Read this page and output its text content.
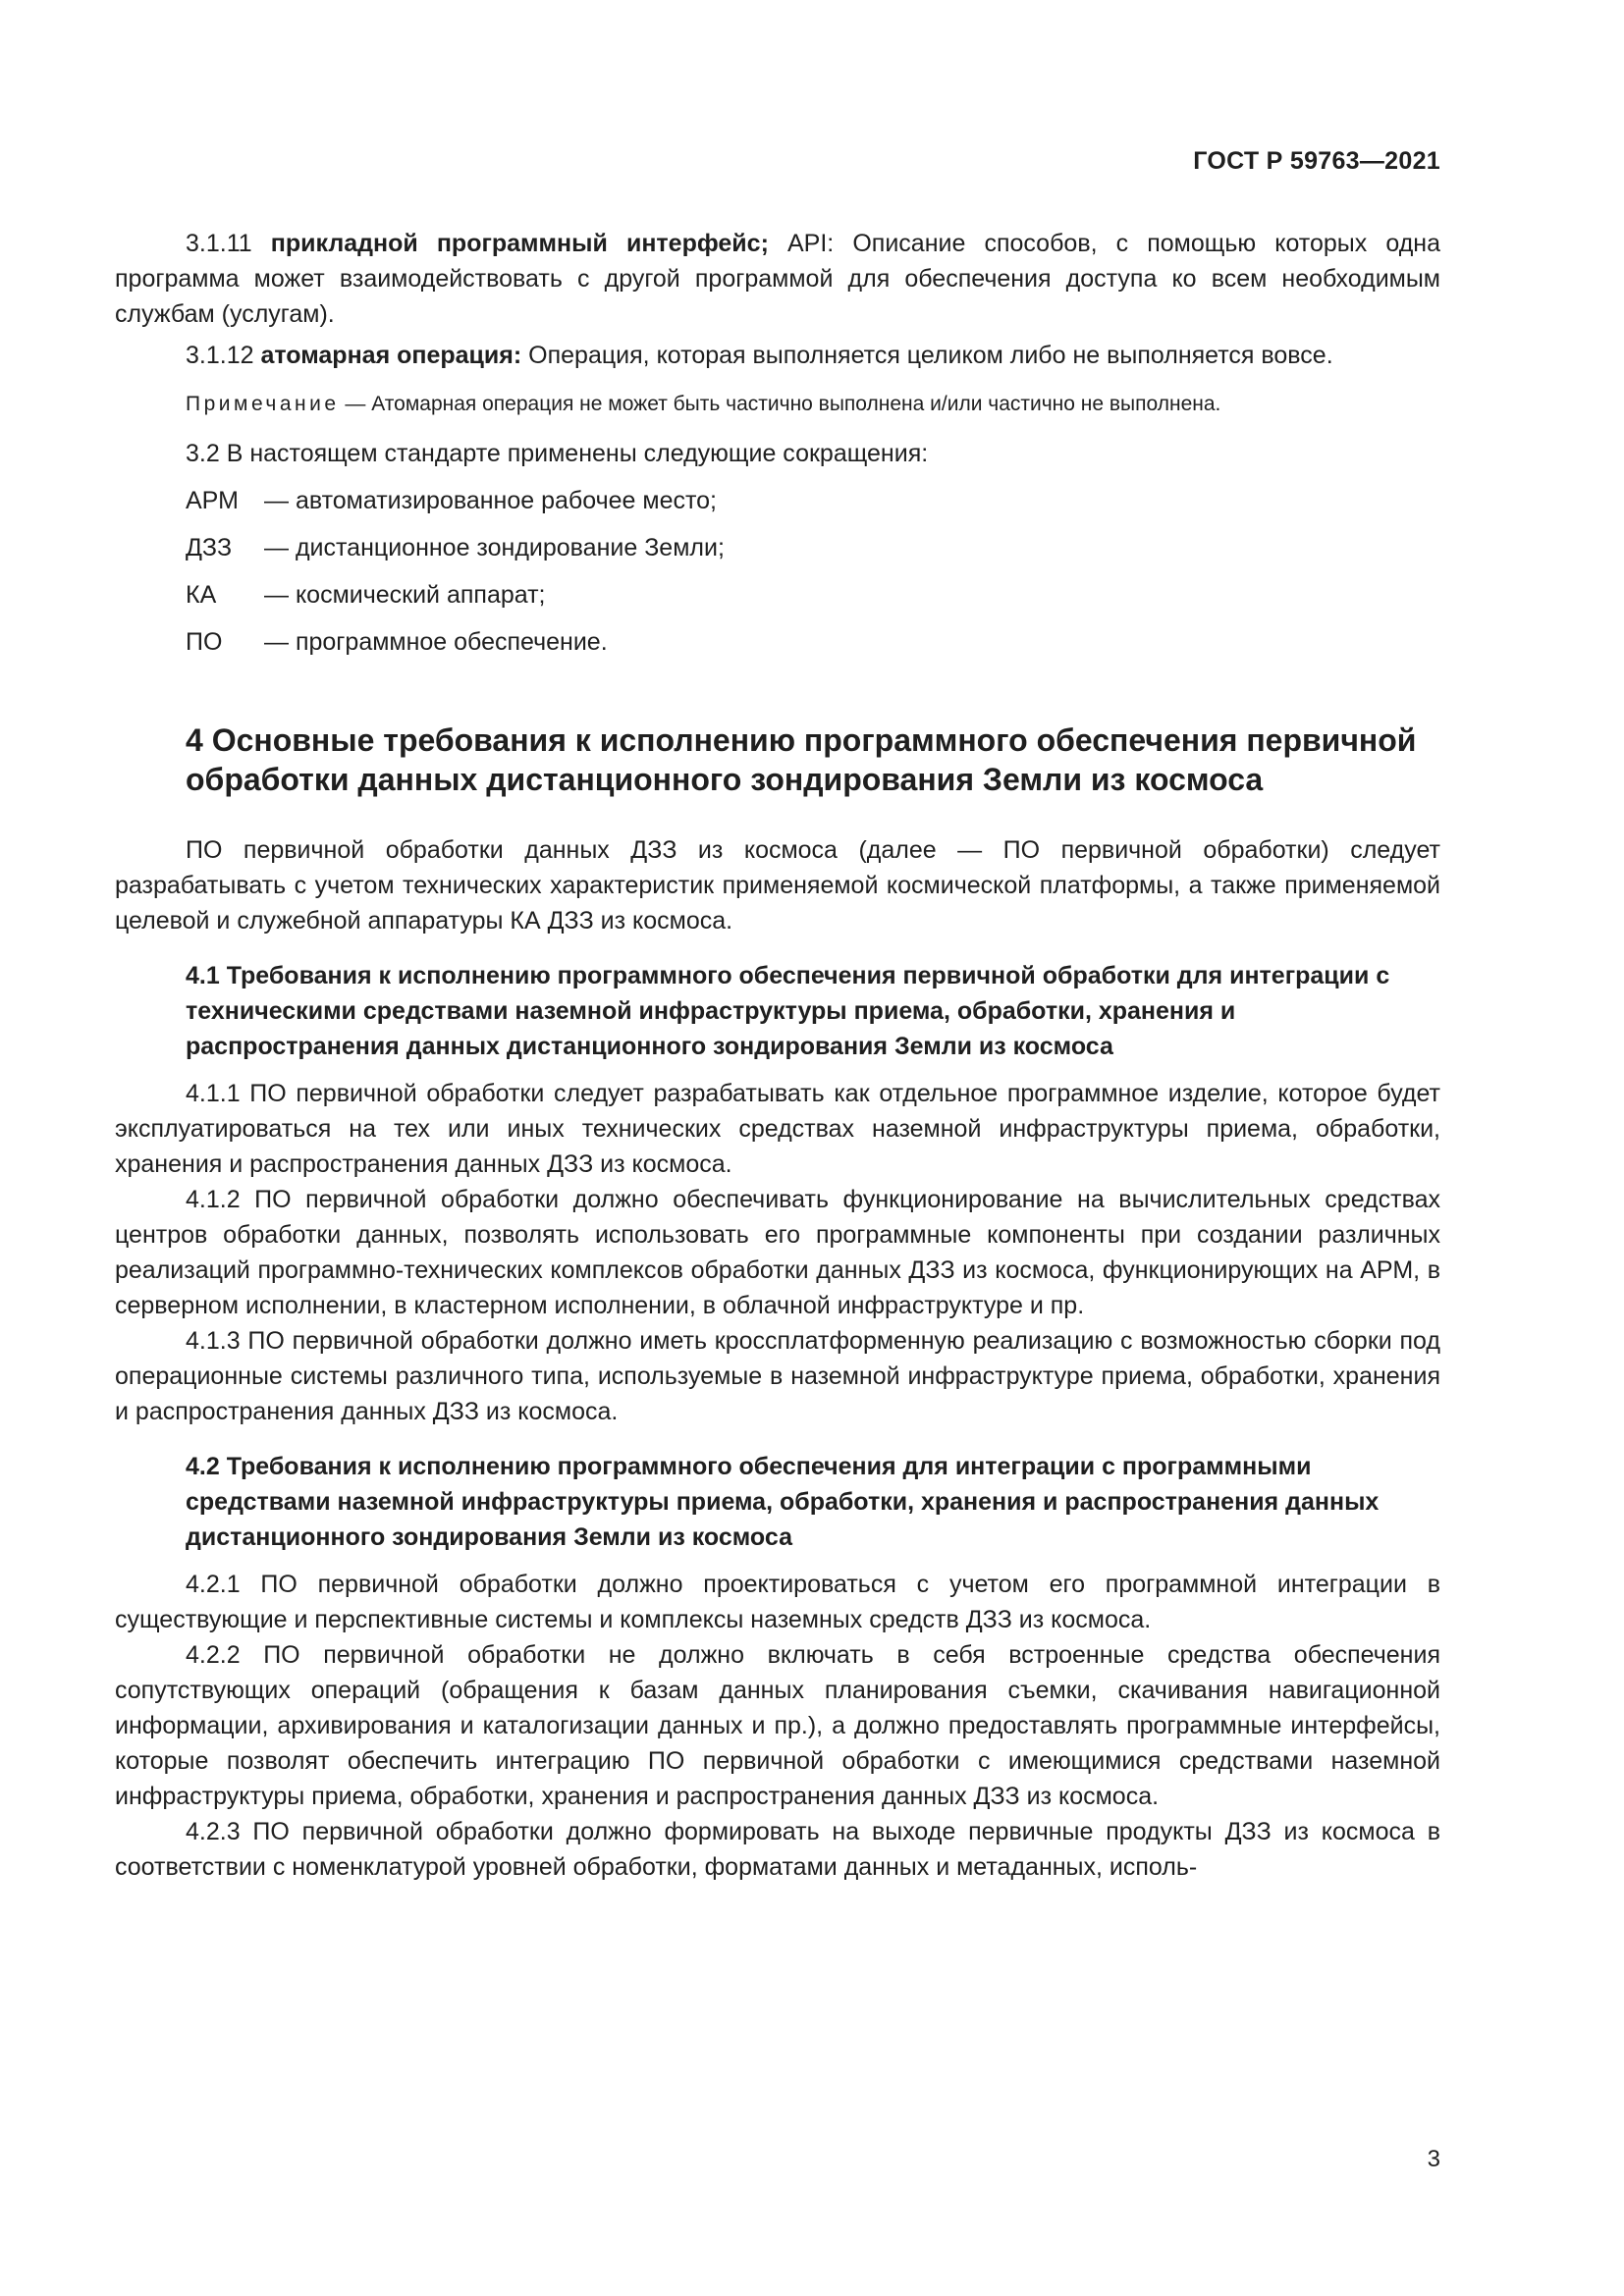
ГОСТ Р 59763—2021

3.1.11 прикладной программный интерфейс; API: Описание способов, с помощью которых одна программа может взаимодействовать с другой программой для обеспечения доступа ко всем необходимым службам (услугам).

3.1.12 атомарная операция: Операция, которая выполняется целиком либо не выполняется вовсе.

Примечание — Атомарная операция не может быть частично выполнена и/или частично не выполнена.

3.2 В настоящем стандарте применены следующие сокращения:

АРМ	— автоматизированное рабочее место;
ДЗЗ	— дистанционное зондирование Земли;
КА	— космический аппарат;
ПО	— программное обеспечение.
4 Основные требования к исполнению программного обеспечения первичной обработки данных дистанционного зондирования Земли из космоса

ПО первичной обработки данных ДЗЗ из космоса (далее — ПО первичной обработки) следует разрабатывать с учетом технических характеристик применяемой космической платформы, а также применяемой целевой и служебной аппаратуры КА ДЗЗ из космоса.

4.1 Требования к исполнению программного обеспечения первичной обработки для интеграции с техническими средствами наземной инфраструктуры приема, обработки, хранения и распространения данных дистанционного зондирования Земли из космоса

4.1.1 ПО первичной обработки следует разрабатывать как отдельное программное изделие, которое будет эксплуатироваться на тех или иных технических средствах наземной инфраструктуры приема, обработки, хранения и распространения данных ДЗЗ из космоса.

4.1.2 ПО первичной обработки должно обеспечивать функционирование на вычислительных средствах центров обработки данных, позволять использовать его программные компоненты при создании различных реализаций программно-технических комплексов обработки данных ДЗЗ из космоса, функционирующих на АРМ, в серверном исполнении, в кластерном исполнении, в облачной инфраструктуре и пр.

4.1.3 ПО первичной обработки должно иметь кроссплатформенную реализацию с возможностью сборки под операционные системы различного типа, используемые в наземной инфраструктуре приема, обработки, хранения и распространения данных ДЗЗ из космоса.

4.2 Требования к исполнению программного обеспечения для интеграции с программными средствами наземной инфраструктуры приема, обработки, хранения и распространения данных дистанционного зондирования Земли из космоса

4.2.1 ПО первичной обработки должно проектироваться с учетом его программной интеграции в существующие и перспективные системы и комплексы наземных средств ДЗЗ из космоса.

4.2.2 ПО первичной обработки не должно включать в себя встроенные средства обеспечения сопутствующих операций (обращения к базам данных планирования съемки, скачивания навигационной информации, архивирования и каталогизации данных и пр.), а должно предоставлять программные интерфейсы, которые позволят обеспечить интеграцию ПО первичной обработки с имеющимися средствами наземной инфраструктуры приема, обработки, хранения и распространения данных ДЗЗ из космоса.

4.2.3 ПО первичной обработки должно формировать на выходе первичные продукты ДЗЗ из космоса в соответствии с номенклатурой уровней обработки, форматами данных и метаданных, исполь-

3
